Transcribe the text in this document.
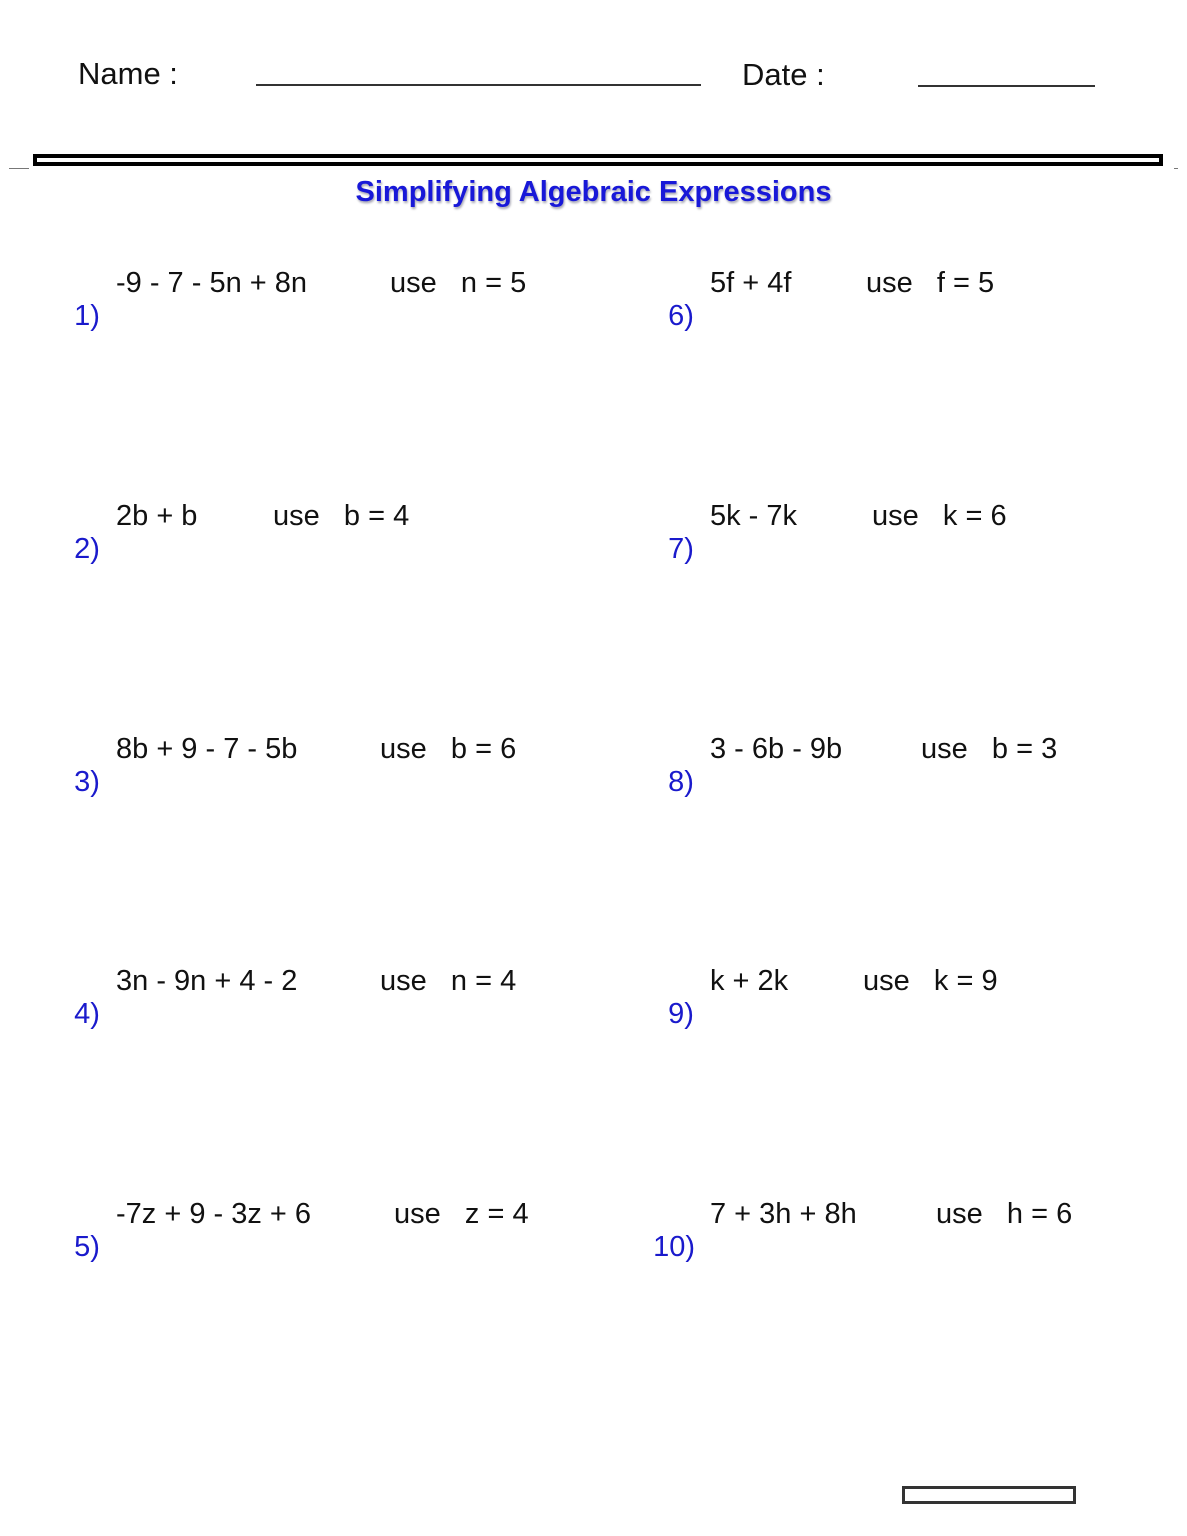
Name :	Date :
Simplifying Algebraic Expressions

1)

-9 - 7 - 5n + 8n

	use   n = 5

2)

2b + b

	use   b = 4

3)

8b + 9 - 7 - 5b

	use   b = 6

4)

3n - 9n + 4 - 2

	use   n = 4

5)

-7z + 9 - 3z + 6

	use   z = 4

6)

5f + 4f

	use   f = 5

7)

5k - 7k

	use   k = 6

8)

3 - 6b - 9b

	use   b = 3

9)

k + 2k

	use   k = 9

10)

7 + 3h + 8h

	use   h = 6
